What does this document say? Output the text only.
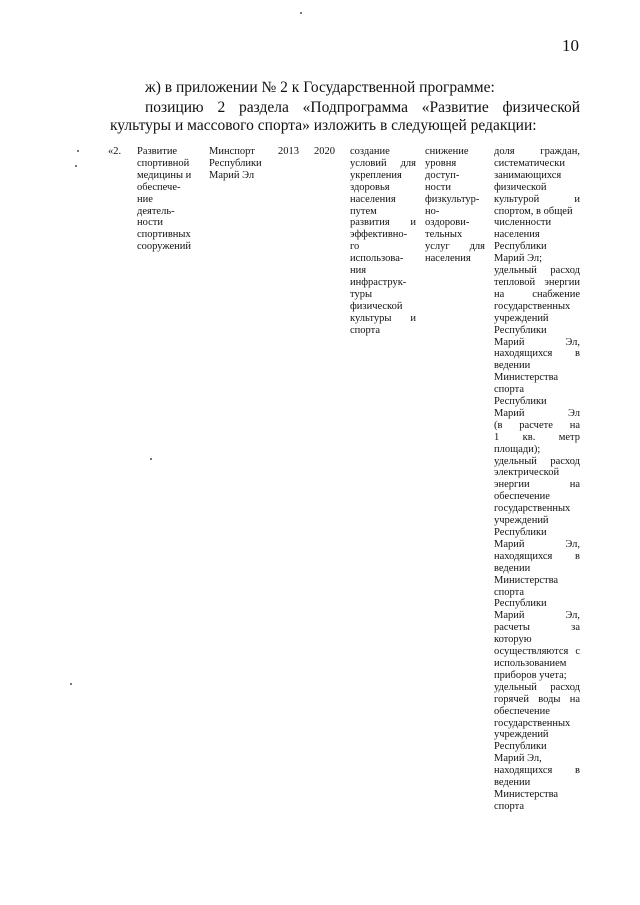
10
ж) в приложении № 2 к Государственной программе:
позицию 2 раздела «Подпрограмма «Развитие физической
культуры и массового спорта» изложить в следующей редакции:
«2. Развитие
спортивной
медицины и
обеспече-
ние
деятель-
ности
спортивных
сооружений
Минспорт
Республики
Марий Эл
2013 2020 создание
условий для
укрепления
здоровья
населения
путем
развития и
эффективно-
го
использова-
ния
инфраструк-
туры
физической
культуры и
спорта
снижение
уровня
доступ-
ности
физкультур-
но-
оздорови-
тельных
услуг для
населения
доля граждан,
систематически
занимающихся
физической
культурой и
спортом, в общей
численности
населения
Республики
Марий Эл;
удельный расход
тепловой энергии
на снабжение
государственных
учреждений
Республики
Марий Эл,
находящихся в
ведении
Министерства
спорта
Республики
Марий Эл
(в расчете на
1 кв. метр
площади);
удельный расход
электрической
энергии на
обеспечение
государственных
учреждений
Республики
Марий Эл,
находящихся в
ведении
Министерства
спорта
Республики
Марий Эл,
расчеты за
которую
осуществляются с
использованием
приборов учета;
удельный расход
горячей воды на
обеспечение
государственных
учреждений
Республики
Марий Эл,
находящихся в
ведении
Министерства
спорта
